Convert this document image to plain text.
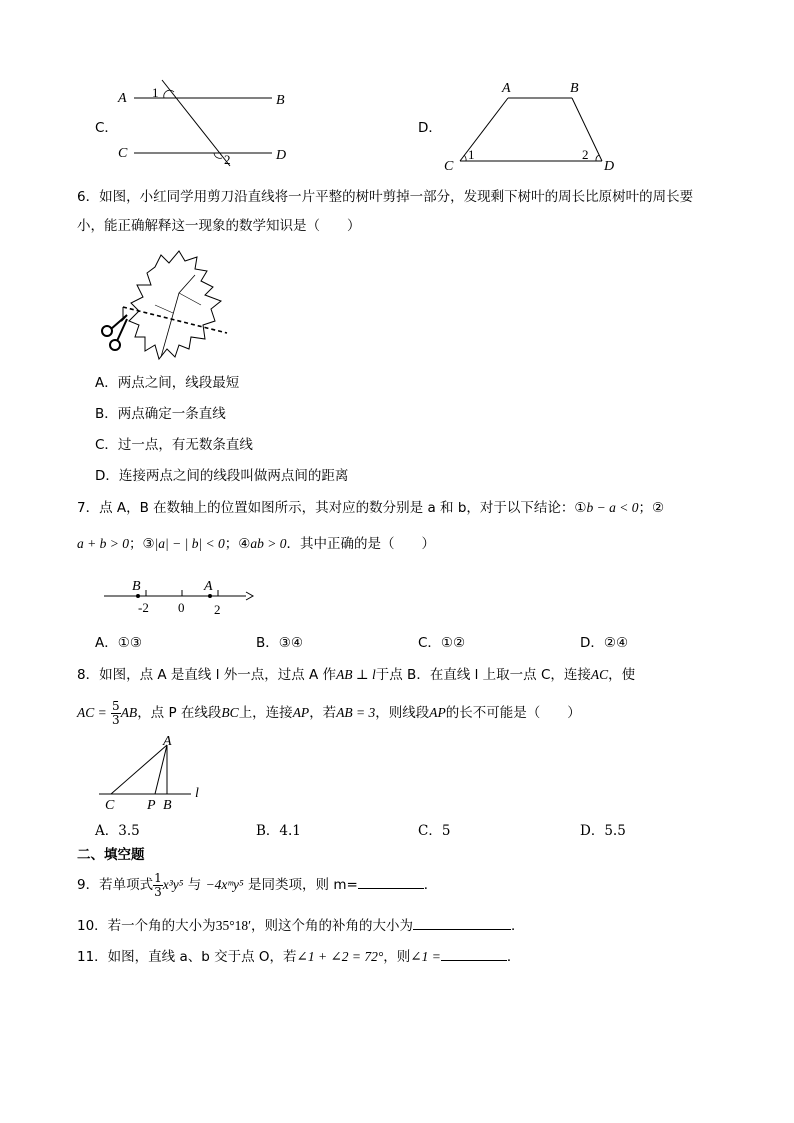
C．
A	B
C	D
1
2
D．
A	B
C	D
1	2
6．如图，小红同学用剪刀沿直线将一片平整的树叶剪掉一部分，发现剩下树叶的周长比原树叶的周长要
小，能正确解释这一现象的数学知识是（　　）
A．两点之间，线段最短
B．两点确定一条直线
C．过一点，有无数条直线
D．连接两点之间的线段叫做两点间的距离
7．点 A，B 在数轴上的位置如图所示，其对应的数分别是 a 和 b，对于以下结论：①b − a < 0；②
a + b > 0；③|a| − | b| < 0；④ab > 0．其中正确的是（　　）
B	A
-2 0 2
A．①③	B．③④	C．①②	D．②④
8．如图，点 A 是直线 l 外一点，过点 A 作AB ⊥ l于点 B．在直线 l 上取一点 C，连接AC，使
AC = $\frac{5}{3}$ AB，点 P 在线段BC上，连接AP，若AB = 3，则线段AP的长不可能是（　　）
A
C P B
l
A．3.5	B．4.1	C．5	D．5.5
二、填空题
9．若单项式 $\frac{1}{3} x^3y^5$ 与 −4xᵐy⁵ 是同类项，则 m=	．
10．若一个角的大小为35°18′，则这个角的补角的大小为	．
11．如图，直线 a、b 交于点 O，若∠1 + ∠2 = 72°，则∠1 =	．
